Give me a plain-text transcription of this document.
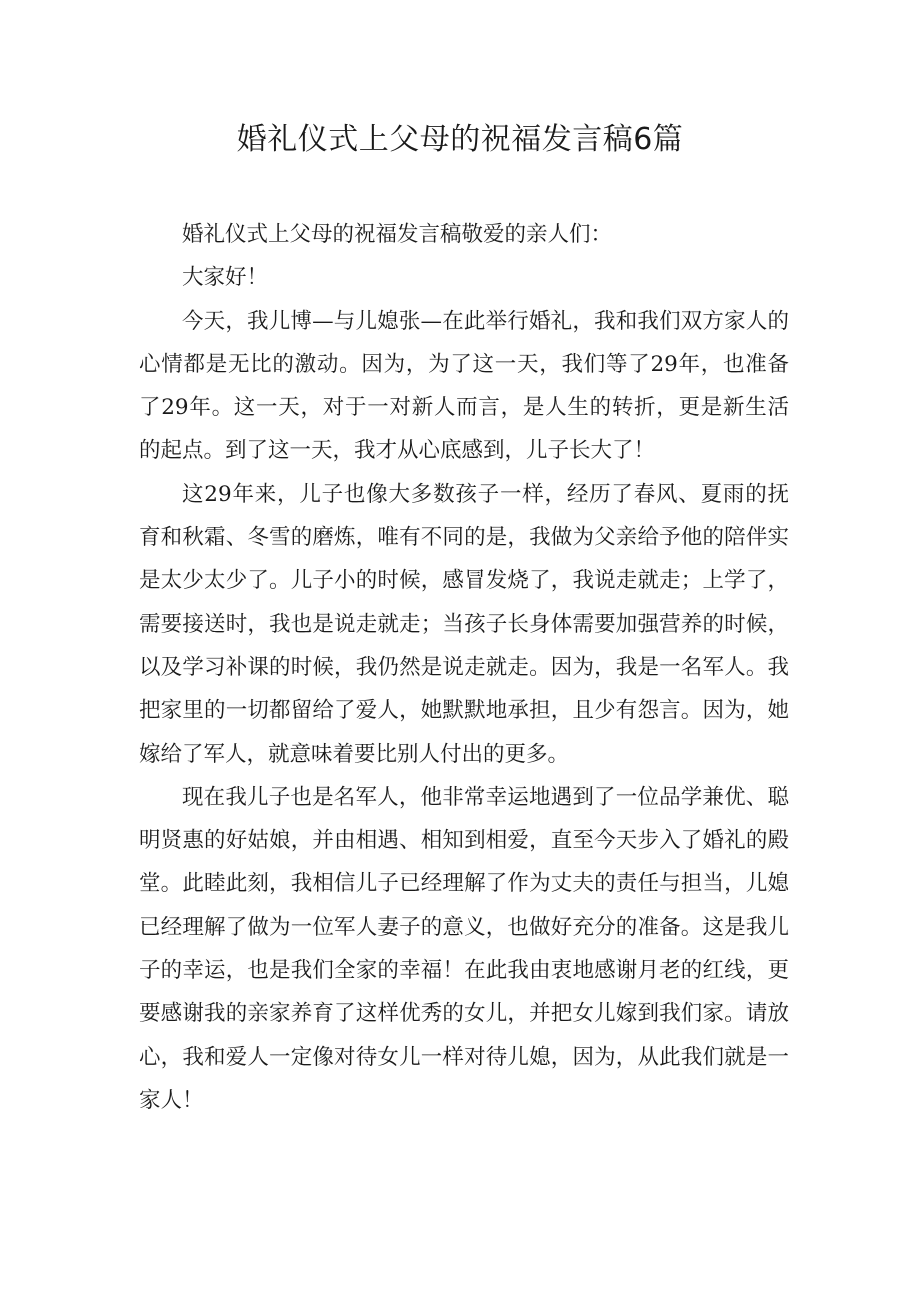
婚礼仪式上父母的祝福发言稿6篇

婚礼仪式上父母的祝福发言稿敬爱的亲人们：

大家好！

今天，我儿博—与儿媳张—在此举行婚礼，我和我们双方家人的心情都是无比的激动。因为，为了这一天，我们等了29年，也准备了29年。这一天，对于一对新人而言，是人生的转折，更是新生活的起点。到了这一天，我才从心底感到，儿子长大了！

这29年来，儿子也像大多数孩子一样，经历了春风、夏雨的抚育和秋霜、冬雪的磨炼，唯有不同的是，我做为父亲给予他的陪伴实是太少太少了。儿子小的时候，感冒发烧了，我说走就走；上学了，需要接送时，我也是说走就走；当孩子长身体需要加强营养的时候，以及学习补课的时候，我仍然是说走就走。因为，我是一名军人。我把家里的一切都留给了爱人，她默默地承担，且少有怨言。因为，她嫁给了军人，就意味着要比别人付出的更多。

现在我儿子也是名军人，他非常幸运地遇到了一位品学兼优、聪明贤惠的好姑娘，并由相遇、相知到相爱，直至今天步入了婚礼的殿堂。此睦此刻，我相信儿子已经理解了作为丈夫的责任与担当，儿媳已经理解了做为一位军人妻子的意义，也做好充分的准备。这是我儿子的幸运，也是我们全家的幸福！在此我由衷地感谢月老的红线，更要感谢我的亲家养育了这样优秀的女儿，并把女儿嫁到我们家。请放心，我和爱人一定像对待女儿一样对待儿媳，因为，从此我们就是一家人！
